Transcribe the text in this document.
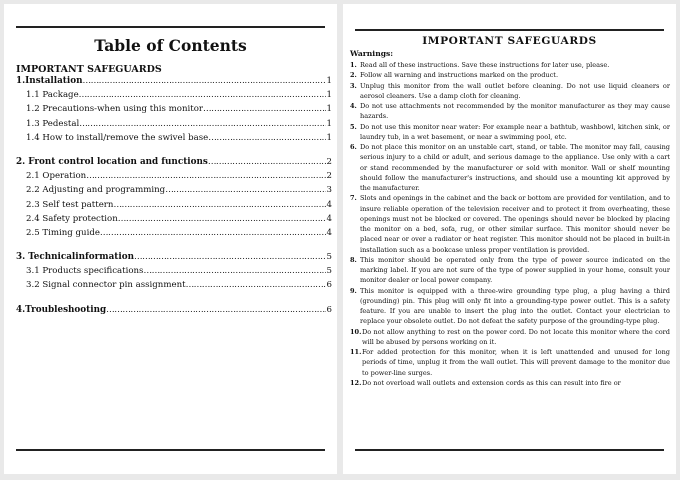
Table of Contents
IMPORTANT SAFEGUARDS
1.Installation ……………………………………………………………………………………………………………………	1
1.1 Package ……………………………………………………………………………………………………………………	1
1.2 Precautions-when using this monitor ……………………………………………………………………………………………………………………	1
1.3 Pedestal ……………………………………………………………………………………………………………………	1
1.4 How to install/remove the swivel base ……………………………………………………………………………………………………………………	1
2. Front control location and functions ……………………………………………………………………………………………………………………	2
2.1 Operation ……………………………………………………………………………………………………………………	2
2.2 Adjusting and programming ……………………………………………………………………………………………………………………	3
2.3 Self test pattern ……………………………………………………………………………………………………………………	4
2.4 Safety protection ……………………………………………………………………………………………………………………	4
2.5 Timing guide ……………………………………………………………………………………………………………………	4
3. Technicalinformation ……………………………………………………………………………………………………………………	5
3.1 Products specifications ……………………………………………………………………………………………………………………	5
3.2 Signal connector pin assignment ……………………………………………………………………………………………………………………	6
4.Troubleshooting ……………………………………………………………………………………………………………………	6
IMPORTANT SAFEGUARDS
Warnings:
1. Read all of these instructions. Save these instructions for later use, please.
2. Follow all warning and instructions marked on the product.
3. Unplug this monitor from the wall outlet before cleaning. Do not use liquid cleaners or aerosol cleaners. Use a damp cloth for cleaning.
4. Do not use attachments not recommended by the monitor manufacturer as they may cause hazards.
5. Do not use this monitor near water: For example near a bathtub, washbowl, kitchen sink, or laundry tub, in a wet basement, or near a swimming pool, etc.
6. Do not place this monitor on an unstable cart, stand, or table. The monitor may fall, causing serious injury to a child or adult, and serious damage to the appliance. Use only with a cart or stand recommended by the manufacturer or sold with monitor. Wall or shelf mounting should follow the manufacturer's instructions, and should use a mounting kit approved by the manufacturer.
7. Slots and openings in the cabinet and the back or bottom are provided for ventilation, and to insure reliable operation of the television receiver and to protect it from overheating, these openings must not be blocked or covered. The openings should never be blocked by placing the monitor on a bed, sofa, rug, or other similar surface. This monitor should never be placed near or over a radiator or heat register. This monitor should not be placed in built-in installation such as a bookcase unless proper ventilation is provided.
8. This monitor should be operated only from the type of power source indicated on the marking label. If you are not sure of the type of power supplied in your home, consult your monitor dealer or local power company.
9. This monitor is equipped with a three-wire grounding type plug, a plug having a third (grounding) pin. This plug will only fit into a grounding-type power outlet. This is a safety feature. If you are unable to insert the plug into the outlet. Contact your electrician to replace your obsolete outlet. Do not defeat the safety purpose of the grounding-type plug.
10. Do not allow anything to rest on the power cord. Do not locate this monitor where the cord will be abused by persons working on it.
11. For added protection for this monitor, when it is left unattended and unused for long periods of time, unplug it from the wall outlet. This will prevent damage to the monitor due to power-line surges.
12. Do not overload wall outlets and extension cords as this can result into fire or
